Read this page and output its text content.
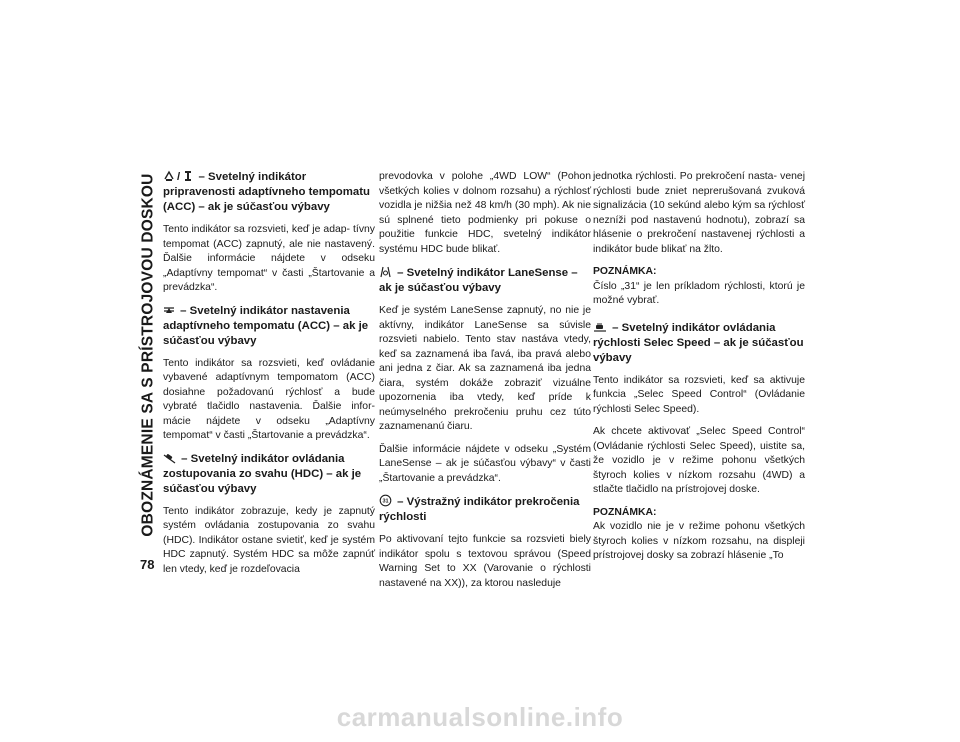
OBOZNÁMENIE SA S PRÍSTROJOVOU DOSKOU
78
/ – Svetelný indikátor pripravenosti adaptívneho tempomatu (ACC) – ak je súčasťou výbavy

Tento indikátor sa rozsvieti, keď je adap- tívny tempomat (ACC) zapnutý, ale nie nastavený. Ďalšie informácie nájdete v odseku „Adaptívny tempomat“ v časti „Štartovanie a prevádzka“.

– Svetelný indikátor nastavenia adaptívneho tempomatu (ACC) – ak je súčasťou výbavy

Tento indikátor sa rozsvieti, keď ovládanie vybavené adaptívnym tempomatom (ACC) dosiahne požadovanú rýchlosť a bude vybraté tlačidlo nastavenia. Ďalšie infor- mácie nájdete v odseku „Adaptívny tempomat“ v časti „Štartovanie a prevádzka“.

– Svetelný indikátor ovládania zostupovania zo svahu (HDC) – ak je súčasťou výbavy

Tento indikátor zobrazuje, kedy je zapnutý systém ovládania zostupovania zo svahu (HDC). Indikátor ostane svietiť, keď je systém HDC zapnutý. Systém HDC sa môže zapnúť len vtedy, keď je rozdeľovacia

prevodovka v polohe „4WD LOW“ (Pohon všetkých kolies v dolnom rozsahu) a rýchlosť vozidla je nižšia než 48 km/h (30 mph). Ak nie sú splnené tieto podmienky pri pokuse o použitie funkcie HDC, svetelný indikátor systému HDC bude blikať.

– Svetelný indikátor LaneSense – ak je súčasťou výbavy

Keď je systém LaneSense zapnutý, no nie je aktívny, indikátor LaneSense sa súvisle rozsvieti nabielo. Tento stav nastáva vtedy, keď sa zaznamená iba ľavá, iba pravá alebo ani jedna z čiar. Ak sa zaznamená iba jedna čiara, systém dokáže zobraziť vizuálne upozornenia iba vtedy, keď príde k neúmyselného prekročeniu pruhu cez túto zaznamenanú čiaru.

Ďalšie informácie nájdete v odseku „Systém LaneSense – ak je súčasťou výbavy“ v časti „Štartovanie a prevádzka“.

31 – Výstražný indikátor prekročenia rýchlosti

Po aktivovaní tejto funkcie sa rozsvieti biely indikátor spolu s textovou správou (Speed Warning Set to XX (Varovanie o rýchlosti nastavené na XX)), za ktorou nasleduje

jednotka rýchlosti. Po prekročení nasta- venej rýchlosti bude zniet neprerušovaná zvuková signalizácia (10 sekúnd alebo kým sa rýchlosť nezníži pod nastavenú hodnotu), zobrazí sa hlásenie o prekročení nastavenej rýchlosti a indikátor bude blikať na žlto.

POZNÁMKA:

Číslo „31“ je len príkladom rýchlosti, ktorú je možné vybrať.

– Svetelný indikátor ovládania rýchlosti Selec Speed – ak je súčasťou výbavy

Tento indikátor sa rozsvieti, keď sa aktivuje funkcia „Selec Speed Control“ (Ovládanie rýchlosti Selec Speed).

Ak chcete aktivovať „Selec Speed Control“ (Ovládanie rýchlosti Selec Speed), uistite sa, že vozidlo je v režime pohonu všetkých štyroch kolies v nízkom rozsahu (4WD) a stlačte tlačidlo na prístrojovej doske.

POZNÁMKA:

Ak vozidlo nie je v režime pohonu všetkých štyroch kolies v nízkom rozsahu, na displeji prístrojovej dosky sa zobrazí hlásenie „To

carmanualsonline.info
